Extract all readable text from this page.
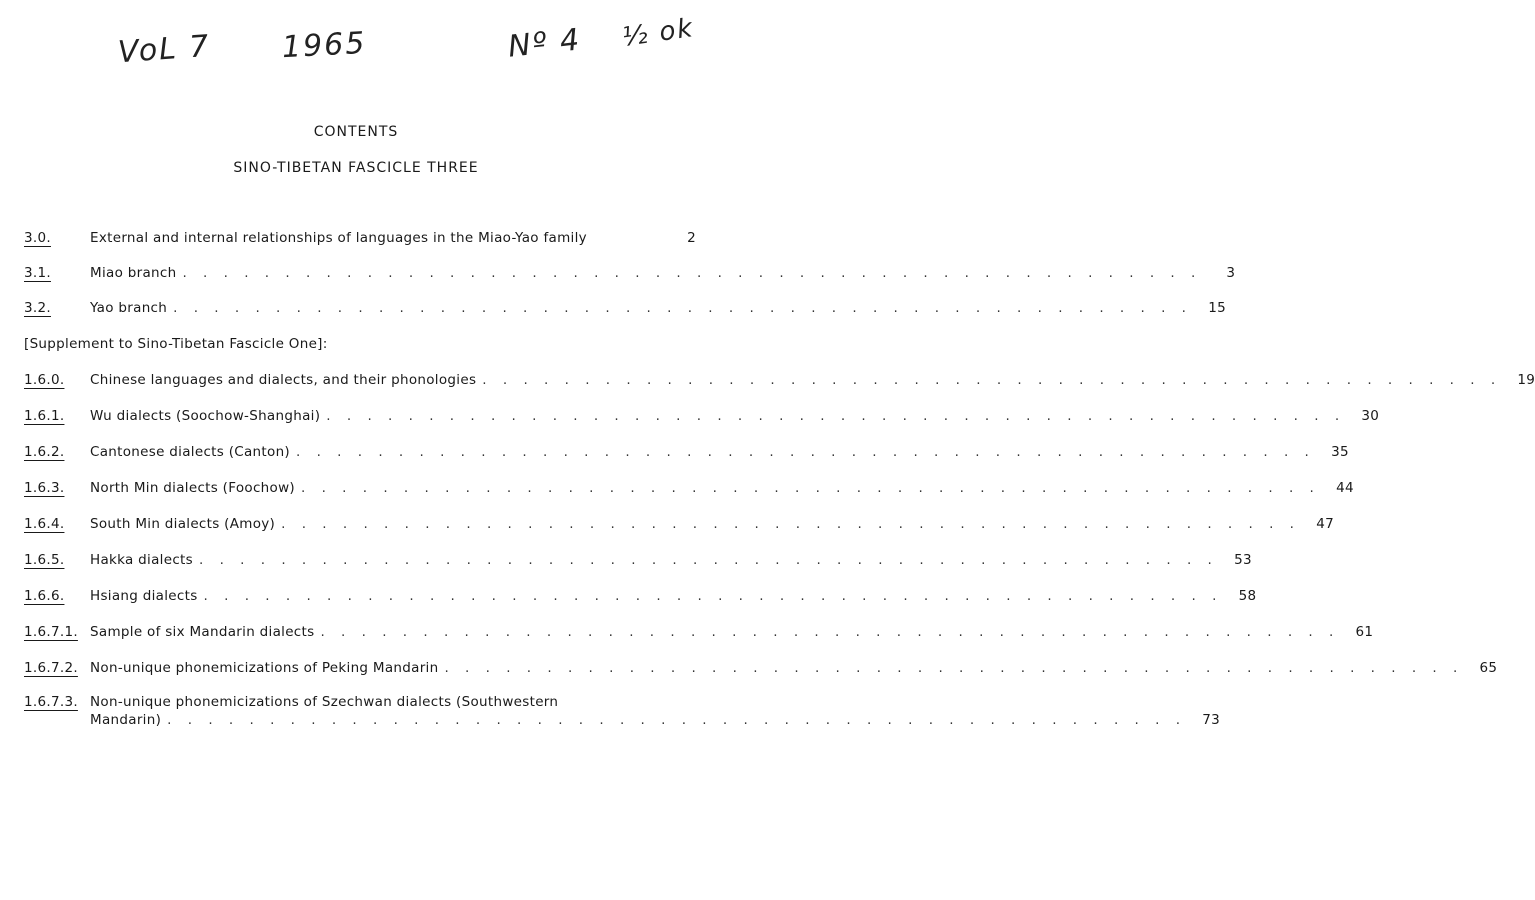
VoL 7 1965	Nº 4 ½ ok
CONTENTS
SINO-TIBETAN FASCICLE THREE
3.0.	External and internal relationships of languages in the Miao-Yao family	2
3.1.	Miao branch . . . . . . . . . . . . . . . . . . . . . . . . . . . . . . . . . . . . . . . . . . . . . . . . . .	3
3.2.	Yao branch . . . . . . . . . . . . . . . . . . . . . . . . . . . . . . . . . . . . . . . . . . . . . . . . . .	15
[Supplement to Sino-Tibetan Fascicle One]:
1.6.0.	Chinese languages and dialects, and their phonologies . . . . . . . . . . . . . . . . . . . . . . . . . . . . . . . . . . . . . . . . . . . . . . . . . .	19
1.6.1.	Wu dialects (Soochow-Shanghai) . . . . . . . . . . . . . . . . . . . . . . . . . . . . . . . . . . . . . . . . . . . . . . . . . .	30
1.6.2.	Cantonese dialects (Canton) . . . . . . . . . . . . . . . . . . . . . . . . . . . . . . . . . . . . . . . . . . . . . . . . . .	35
1.6.3.	North Min dialects (Foochow) . . . . . . . . . . . . . . . . . . . . . . . . . . . . . . . . . . . . . . . . . . . . . . . . . .	44
1.6.4.	South Min dialects (Amoy) . . . . . . . . . . . . . . . . . . . . . . . . . . . . . . . . . . . . . . . . . . . . . . . . . .	47
1.6.5.	Hakka dialects . . . . . . . . . . . . . . . . . . . . . . . . . . . . . . . . . . . . . . . . . . . . . . . . . .	53
1.6.6.	Hsiang dialects . . . . . . . . . . . . . . . . . . . . . . . . . . . . . . . . . . . . . . . . . . . . . . . . . .	58
1.6.7.1. Sample of six Mandarin dialects . . . . . . . . . . . . . . . . . . . . . . . . . . . . . . . . . . . . . . . . . . . . . . . . . .	61
1.6.7.2. Non-unique phonemicizations of Peking Mandarin . . . . . . . . . . . . . . . . . . . . . . . . . . . . . . . . . . . . . . . . . . . . . . . . . .	65
1.6.7.3. Non-unique phonemicizations of Szechwan dialects (Southwestern
Mandarin) . . . . . . . . . . . . . . . . . . . . . . . . . . . . . . . . . . . . . . . . . . . . . . . . . .	73
